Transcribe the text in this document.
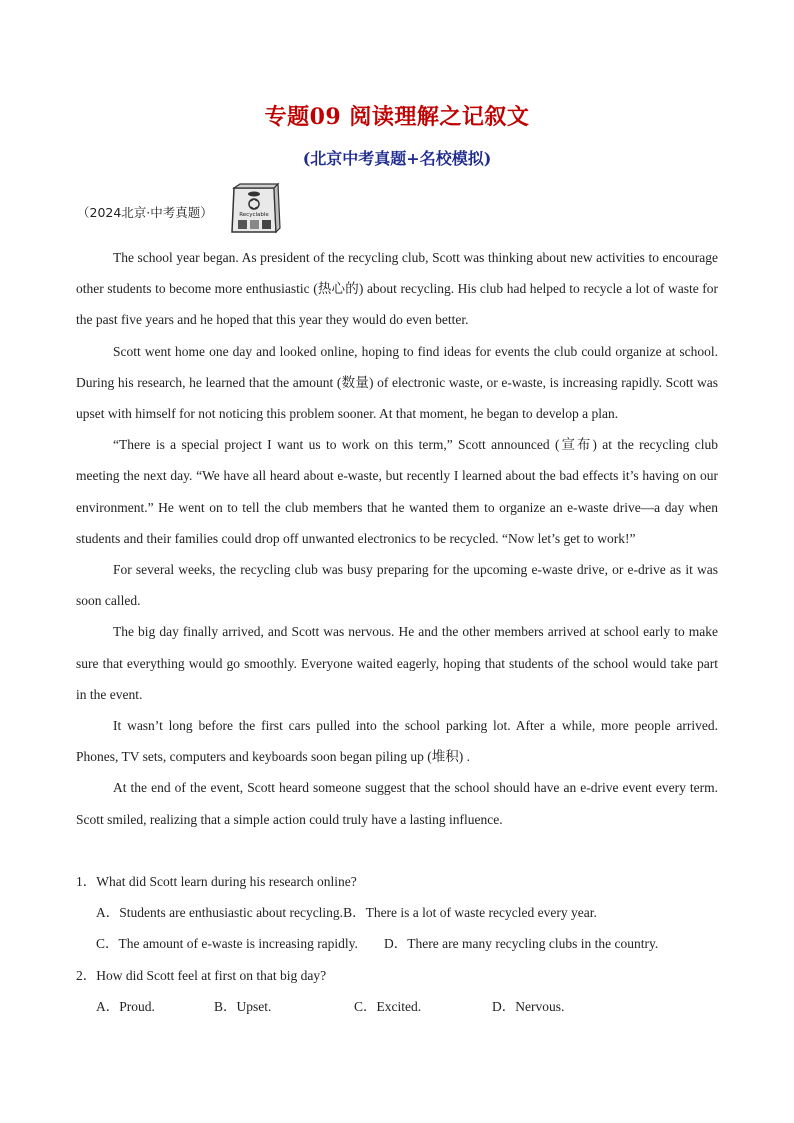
专题09 阅读理解之记叙文
(北京中考真题+名校模拟)
（2024北京·中考真题）	Recyclable

The school year began. As president of the recycling club, Scott was thinking about new activities to encourage other students to become more enthusiastic (热心的) about recycling. His club had helped to recycle a lot of waste for the past five years and he hoped that this year they would do even better.

Scott went home one day and looked online, hoping to find ideas for events the club could organize at school. During his research, he learned that the amount (数量) of electronic waste, or e-waste, is increasing rapidly. Scott was upset with himself for not noticing this problem sooner. At that moment, he began to develop a plan.

“There is a special project I want us to work on this term,” Scott announced (宣布) at the recycling club meeting the next day. “We have all heard about e-waste, but recently I learned about the bad effects it’s having on our environment.” He went on to tell the club members that he wanted them to organize an e-waste drive—a day when students and their families could drop off unwanted electronics to be recycled. “Now let’s get to work!”

For several weeks, the recycling club was busy preparing for the upcoming e-waste drive, or e-drive as it was soon called.

The big day finally arrived, and Scott was nervous. He and the other members arrived at school early to make sure that everything would go smoothly. Everyone waited eagerly, hoping that students of the school would take part in the event.

It wasn’t long before the first cars pulled into the school parking lot. After a while, more people arrived. Phones, TV sets, computers and keyboards soon began piling up (堆积) .

At the end of the event, Scott heard someone suggest that the school should have an e-drive event every term. Scott smiled, realizing that a simple action could truly have a lasting influence.

1．What did Scott learn during his research online?
A．Students are enthusiastic about recycling.B．There is a lot of waste recycled every year.
C．The amount of e-waste is increasing rapidly. D．There are many recycling clubs in the country.
2．How did Scott feel at first on that big day?
A．Proud.	B．Upset.	C．Excited.	D．Nervous.
